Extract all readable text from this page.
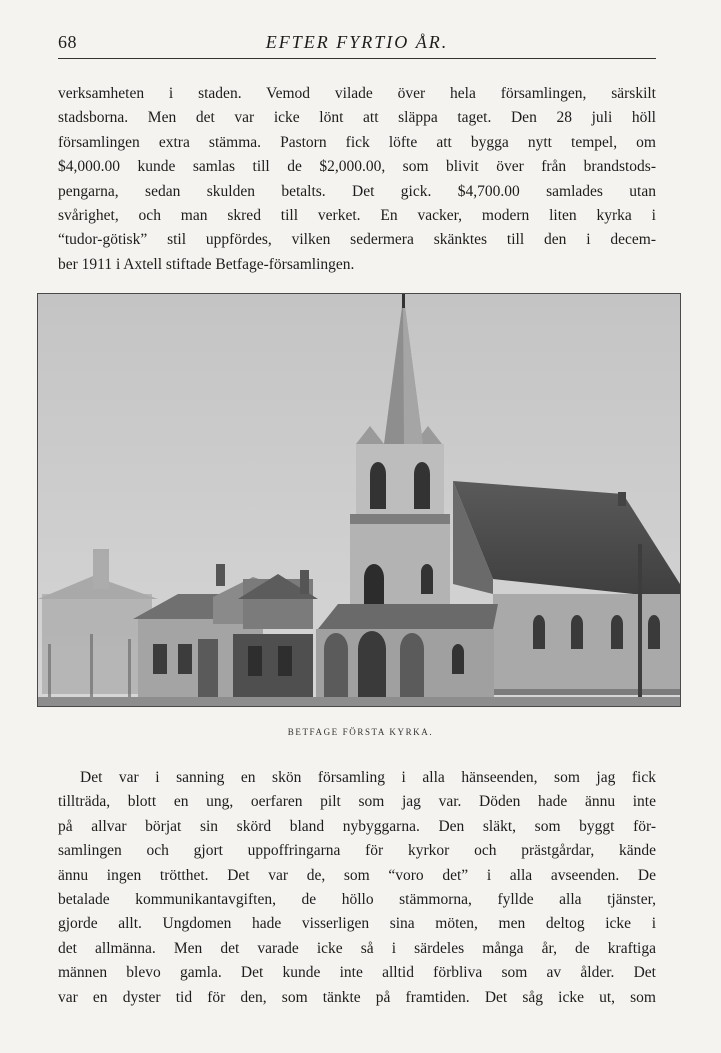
68	EFTER FYRTIO ÅR.

verksamheten i staden. Vemod vilade över hela församlingen, särskilt
stadsborna. Men det var icke lönt att släppa taget. Den 28 juli höll
församlingen extra stämma. Pastorn fick löfte att bygga nytt tempel, om
$4,000.00 kunde samlas till de $2,000.00, som blivit över från brandstods-
pengarna, sedan skulden betalts. Det gick. $4,700.00 samlades utan
svårighet, och man skred till verket. En vacker, modern liten kyrka i
“tudor-götisk” stil uppfördes, vilken sedermera skänktes till den i decem-
ber 1911 i Axtell stiftade Betfage-församlingen.

BETFAGE FÖRSTA KYRKA.

Det var i sanning en skön församling i alla hänseenden, som jag fick
tillträda, blott en ung, oerfaren pilt som jag var. Döden hade ännu inte
på allvar börjat sin skörd bland nybyggarna. Den släkt, som byggt för-
samlingen och gjort uppoffringarna för kyrkor och prästgårdar, kände
ännu ingen trötthet. Det var de, som “voro det” i alla avseenden. De
betalade kommunikantavgiften, de höllo stämmorna, fyllde alla tjänster,
gjorde allt. Ungdomen hade visserligen sina möten, men deltog icke i
det allmänna. Men det varade icke så i särdeles många år, de kraftiga
männen blevo gamla. Det kunde inte alltid förbliva som av ålder. Det
var en dyster tid för den, som tänkte på framtiden. Det såg icke ut, som
